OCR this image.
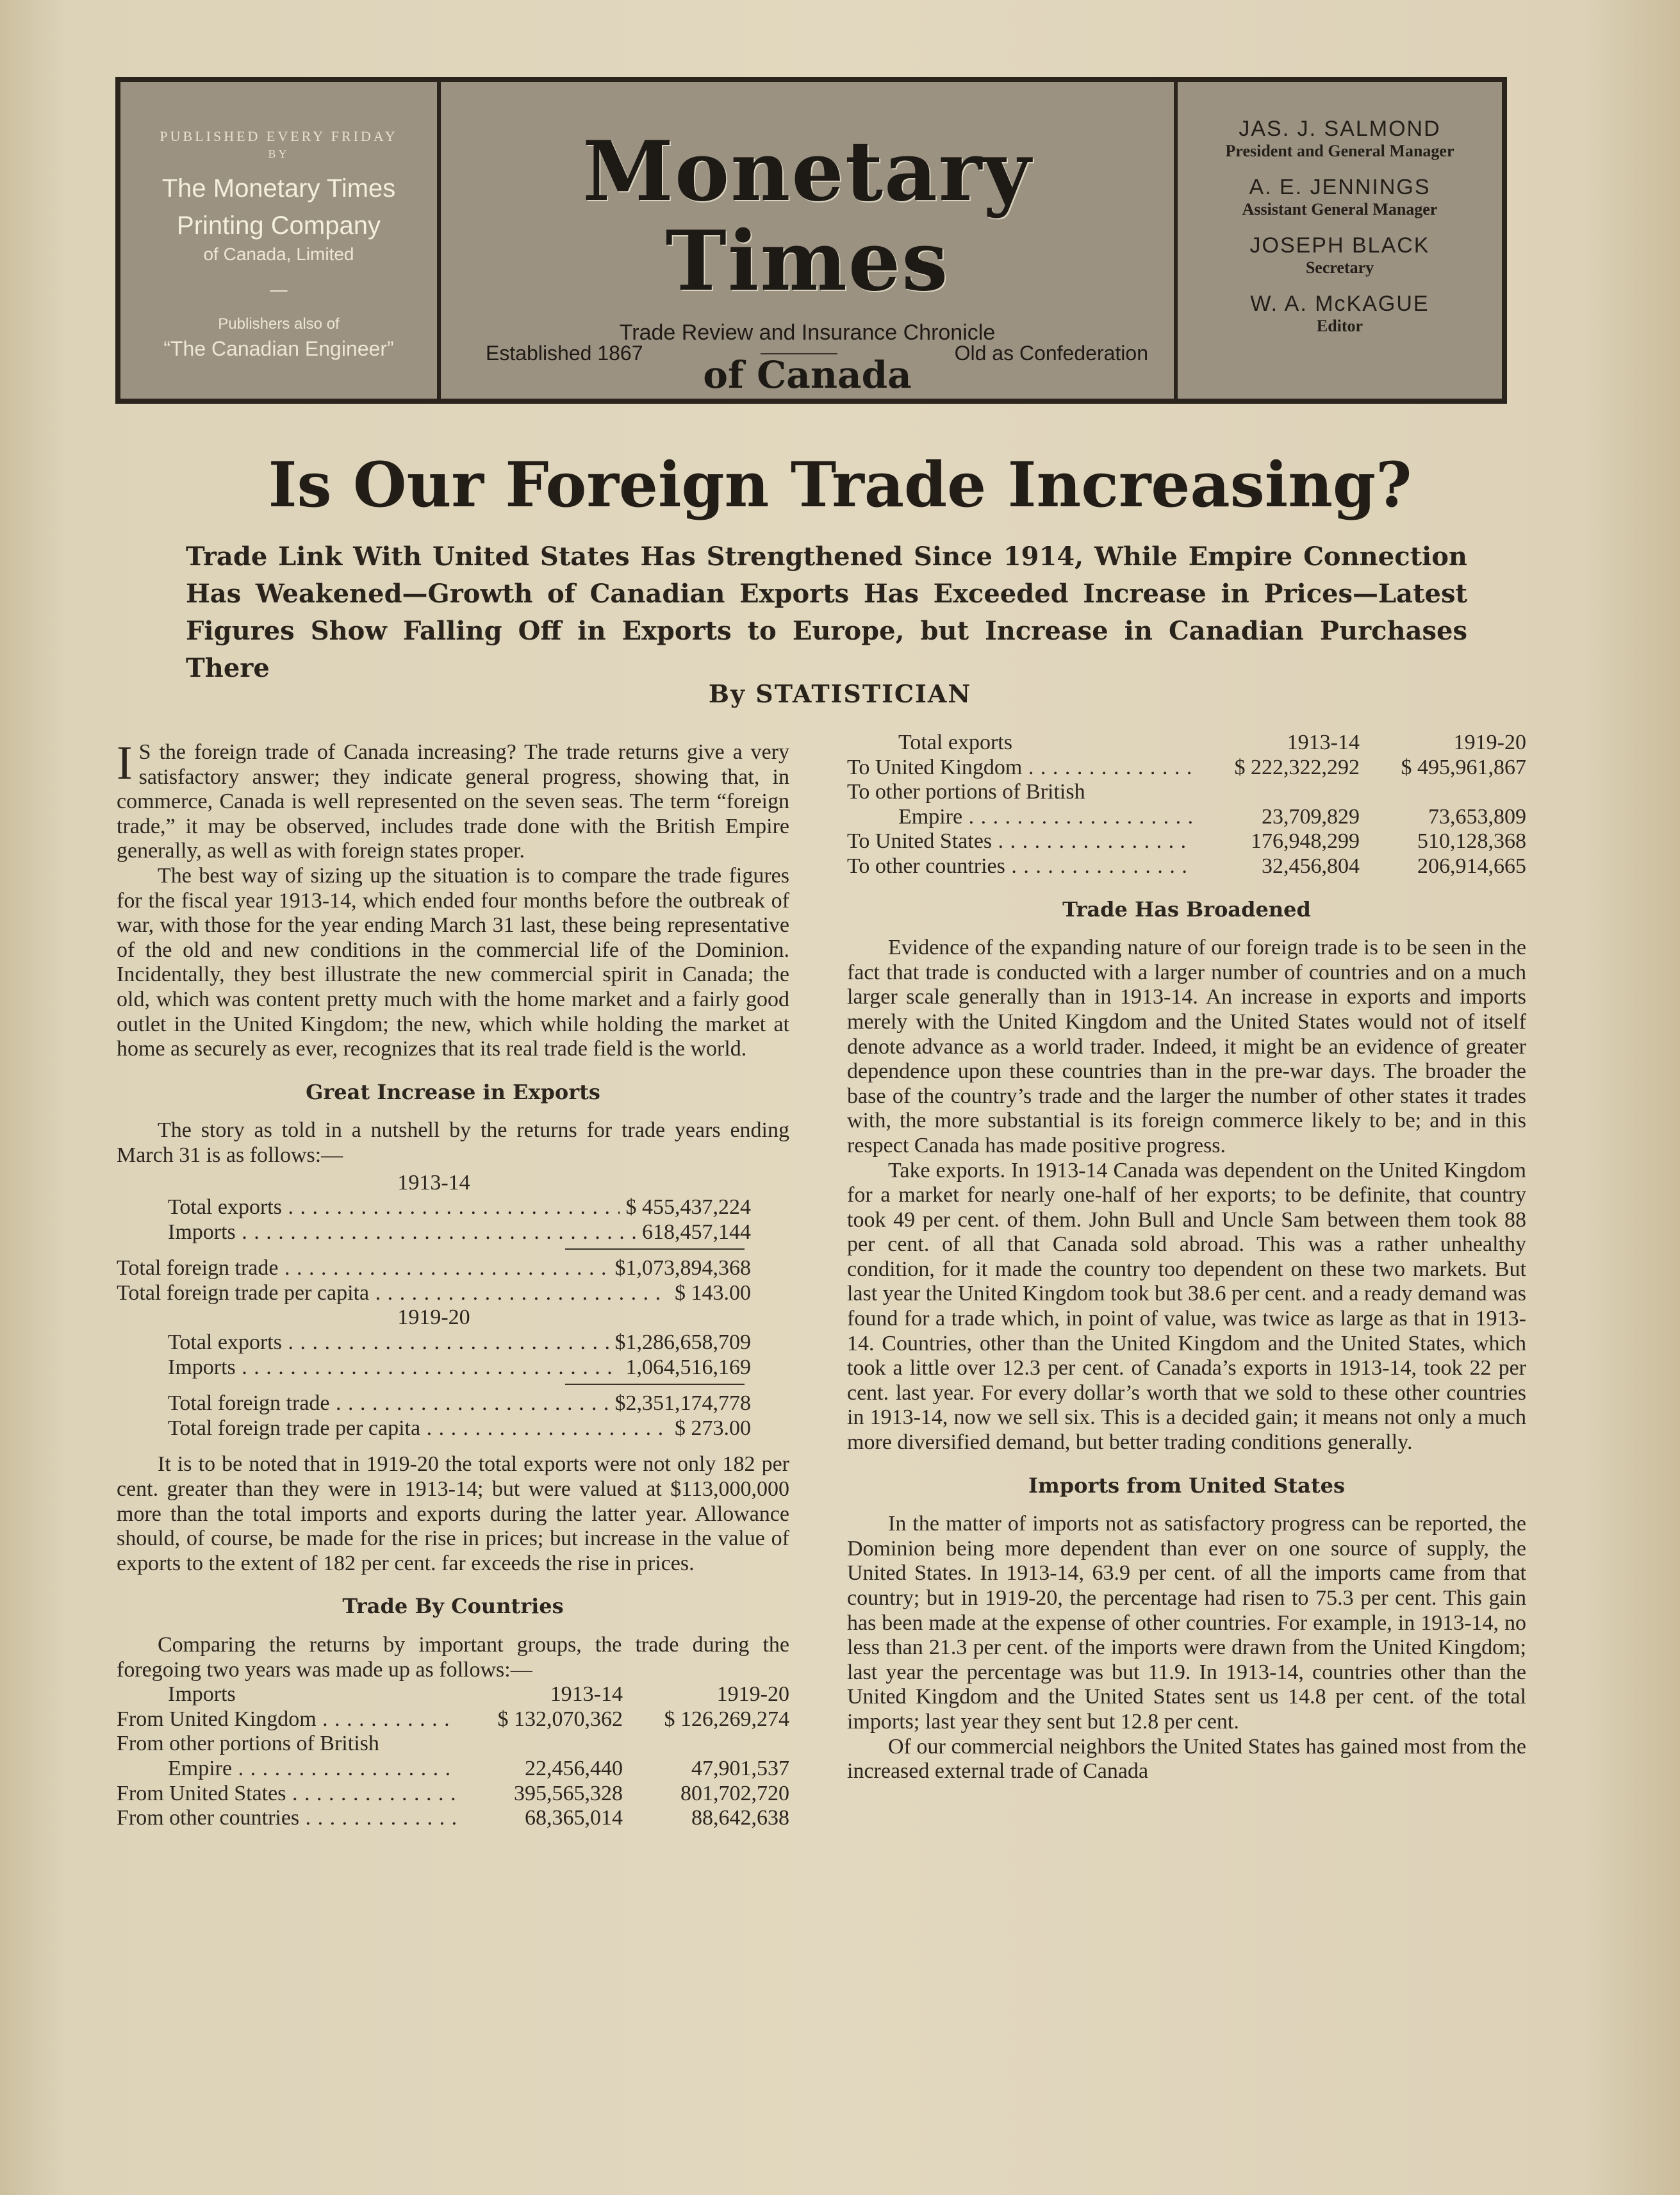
PUBLISHED EVERY FRIDAY
BY
The Monetary Times
Printing Company
of Canada, Limited
—
Publishers also of
“The Canadian Engineer”
Monetary Times
Trade Review and Insurance Chronicle
of Canada
Established 1867	Old as Confederation
JAS. J. SALMOND
President and General Manager
A. E. JENNINGS
Assistant General Manager
JOSEPH BLACK
Secretary
W. A. McKAGUE
Editor
Is Our Foreign Trade Increasing?
Trade Link With United States Has Strengthened Since 1914, While Empire Connection Has Weakened—Growth of Canadian Exports Has Exceeded Increase in Prices—Latest Figures Show Falling Off in Exports to Europe, but Increase in Canadian Purchases There
By STATISTICIAN

I S the foreign trade of Canada increasing? The trade returns give a very satisfactory answer; they indicate general progress, showing that, in commerce, Canada is well represented on the seven seas. The term “foreign trade,” it may be observed, includes trade done with the British Empire generally, as well as with foreign states proper.

The best way of sizing up the situation is to compare the trade figures for the fiscal year 1913-14, which ended four months before the outbreak of war, with those for the year ending March 31 last, these being representative of the old and new conditions in the commercial life of the Dominion. Incidentally, they best illustrate the new commercial spirit in Canada; the old, which was content pretty much with the home market and a fairly good outlet in the United Kingdom; the new, which while holding the market at home as securely as ever, recognizes that its real trade field is the world.

Great Increase in Exports

The story as told in a nutshell by the returns for trade years ending March 31 is as follows:—

1913-14
Total exports . . .	$ 455,437,224
Imports . . .	618,457,144
Total foreign trade . . .	$1,073,894,368
Total foreign trade per capita . . .	$ 143.00
1919-20
Total exports . . .	$1,286,658,709
Imports . . .	1,064,516,169
Total foreign trade . . .	$2,351,174,778
Total foreign trade per capita . . .	$ 273.00

It is to be noted that in 1919-20 the total exports were not only 182 per cent. greater than they were in 1913-14; but were valued at $113,000,000 more than the total imports and exports during the latter year. Allowance should, of course, be made for the rise in prices; but increase in the value of exports to the extent of 182 per cent. far exceeds the rise in prices.

Trade By Countries

Comparing the returns by important groups, the trade during the foregoing two years was made up as follows:—

Imports	1913-14	1919-20
From United Kingdom . . .	$ 132,070,362	$ 126,269,274
From other portions of British
Empire . . .	22,456,440	47,901,537
From United States . . .	395,565,328	801,702,720
From other countries . . .	68,365,014	88,642,638
Total exports	1913-14	1919-20
To United Kingdom . . .	$ 222,322,292	$ 495,961,867
To other portions of British
Empire . . .	23,709,829	73,653,809
To United States . . .	176,948,299	510,128,368
To other countries . . .	32,456,804	206,914,665
Trade Has Broadened

Evidence of the expanding nature of our foreign trade is to be seen in the fact that trade is conducted with a larger number of countries and on a much larger scale generally than in 1913-14. An increase in exports and imports merely with the United Kingdom and the United States would not of itself denote advance as a world trader. Indeed, it might be an evidence of greater dependence upon these countries than in the pre-war days. The broader the base of the country’s trade and the larger the number of other states it trades with, the more substantial is its foreign commerce likely to be; and in this respect Canada has made positive progress.

Take exports. In 1913-14 Canada was dependent on the United Kingdom for a market for nearly one-half of her exports; to be definite, that country took 49 per cent. of them. John Bull and Uncle Sam between them took 88 per cent. of all that Canada sold abroad. This was a rather unhealthy condition, for it made the country too dependent on these two markets. But last year the United Kingdom took but 38.6 per cent. and a ready demand was found for a trade which, in point of value, was twice as large as that in 1913-14. Countries, other than the United Kingdom and the United States, which took a little over 12.3 per cent. of Canada’s exports in 1913-14, took 22 per cent. last year. For every dollar’s worth that we sold to these other countries in 1913-14, now we sell six. This is a decided gain; it means not only a much more diversified demand, but better trading conditions generally.

Imports from United States

In the matter of imports not as satisfactory progress can be reported, the Dominion being more dependent than ever on one source of supply, the United States. In 1913-14, 63.9 per cent. of all the imports came from that country; but in 1919-20, the percentage had risen to 75.3 per cent. This gain has been made at the expense of other countries. For example, in 1913-14, no less than 21.3 per cent. of the imports were drawn from the United Kingdom; last year the percentage was but 11.9. In 1913-14, countries other than the United Kingdom and the United States sent us 14.8 per cent. of the total imports; last year they sent but 12.8 per cent.

Of our commercial neighbors the United States has gained most from the increased external trade of Canada
